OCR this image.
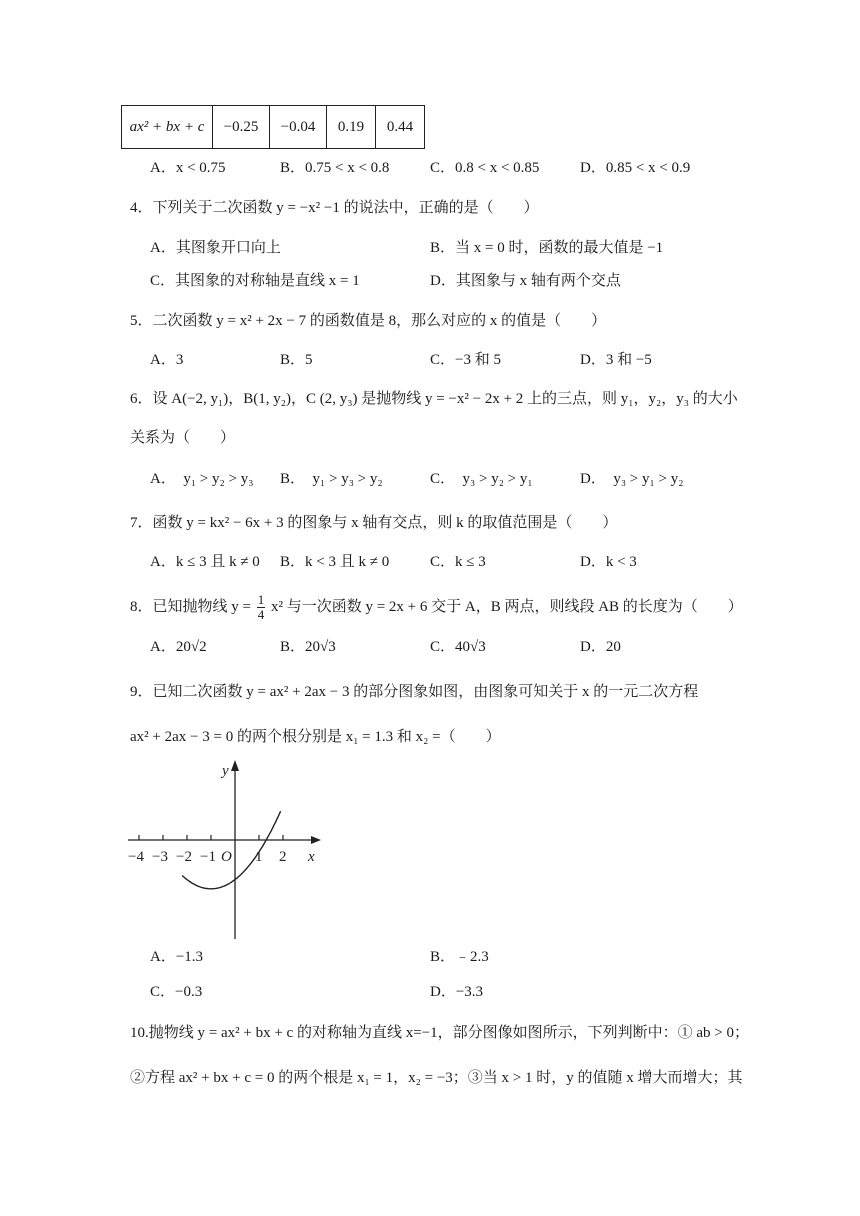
ax² + bx + c	−0.25	−0.04	0.19	0.44
A．x < 0.75	B．0.75 < x < 0.8	C．0.8 < x < 0.85	D．0.85 < x < 0.9
4．下列关于二次函数 y = −x² −1 的说法中，正确的是（　　）
A．其图象开口向上	B．当 x = 0 时，函数的最大值是 −1
C．其图象的对称轴是直线 x = 1	D．其图象与 x 轴有两个交点
5．二次函数 y = x² + 2x − 7 的函数值是 8，那么对应的 x 的值是（　　）
A．3	B．5	C．−3 和 5	D．3 和 −5
6．设 A(−2, y₁)，B(1, y₂)，C (2, y₃) 是抛物线 y = −x² − 2x + 2 上的三点，则 y₁，y₂，y₃ 的大小
关系为（　　）
A．　y₁ > y₂ > y₃ B．　y₁ > y₃ > y₂	C．　y₃ > y₂ > y₁	D．　y₃ > y₁ > y₂
7．函数 y = kx² − 6x + 3 的图象与 x 轴有交点，则 k 的取值范围是（　　）
A．k ≤ 3 且 k ≠ 0 B．k < 3 且 k ≠ 0	C．k ≤ 3	D．k < 3
8．已知抛物线 $y = \frac{1}{4} x^2$ 与一次函数 y = 2x + 6 交于 A，B 两点，则线段 AB 的长度为（　　）
A．20√2	B．20√3	C．40√3	D．20
9．已知二次函数 y = ax² + 2ax − 3 的部分图象如图，由图象可知关于 x 的一元二次方程
ax² + 2ax − 3 = 0 的两个根分别是 x₁ = 1.3 和 x₂ =（　　）
−4 −3 −2 −1 O 1 2 x
y
A．−1.3	B．﹣2.3
C．−0.3	D．−3.3
10.抛物线 y = ax² + bx + c 的对称轴为直线 x=−1，部分图像如图所示，下列判断中：① ab > 0；
②方程 ax² + bx + c = 0 的两个根是 x₁ = 1，x₂ = −3；③当 x > 1 时，y 的值随 x 增大而增大；其
